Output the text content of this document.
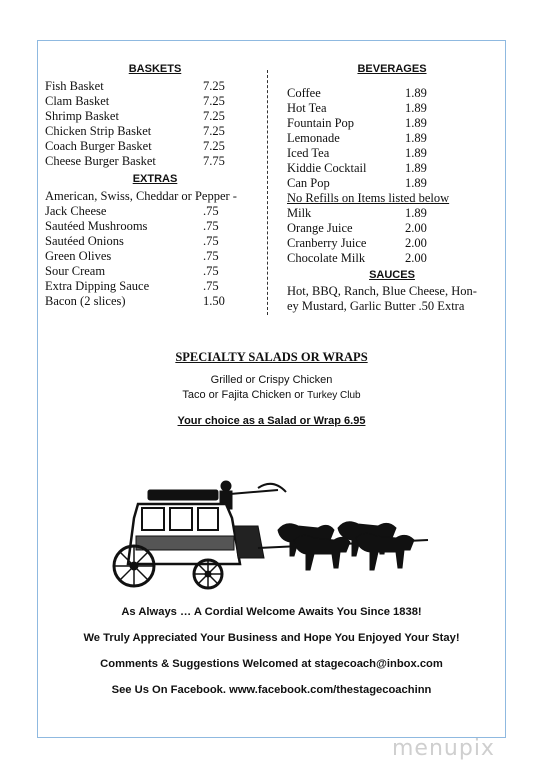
BASKETS
Fish Basket	7.25
Clam Basket	7.25
Shrimp Basket	7.25
Chicken Strip Basket	7.25
Coach Burger Basket	7.25
Cheese Burger Basket	7.75
EXTRAS
American, Swiss, Cheddar or Pepper -
Jack Cheese	.75
Sautéed Mushrooms	.75
Sautéed Onions	.75
Green Olives	.75
Sour Cream	.75
Extra Dipping Sauce	.75
Bacon (2 slices)	1.50
BEVERAGES
Coffee	1.89
Hot Tea	1.89
Fountain Pop	1.89
Lemonade	1.89
Iced Tea	1.89
Kiddie Cocktail	1.89
Can Pop	1.89
No Refills on Items listed below
Milk	1.89
Orange Juice	2.00
Cranberry Juice	2.00
Chocolate Milk	2.00
SAUCES
Hot, BBQ, Ranch, Blue Cheese, Hon-
ey Mustard, Garlic Butter .50 Extra
SPECIALTY SALADS OR WRAPS
Grilled or Crispy Chicken
Taco or Fajita Chicken or Turkey Club
Your choice as a Salad or Wrap 6.95
As Always … A Cordial Welcome Awaits You Since 1838!
We Truly Appreciated Your Business and Hope You Enjoyed Your Stay!
Comments & Suggestions Welcomed at stagecoach@inbox.com
See Us On Facebook. www.facebook.com/thestagecoachinn
menupix
